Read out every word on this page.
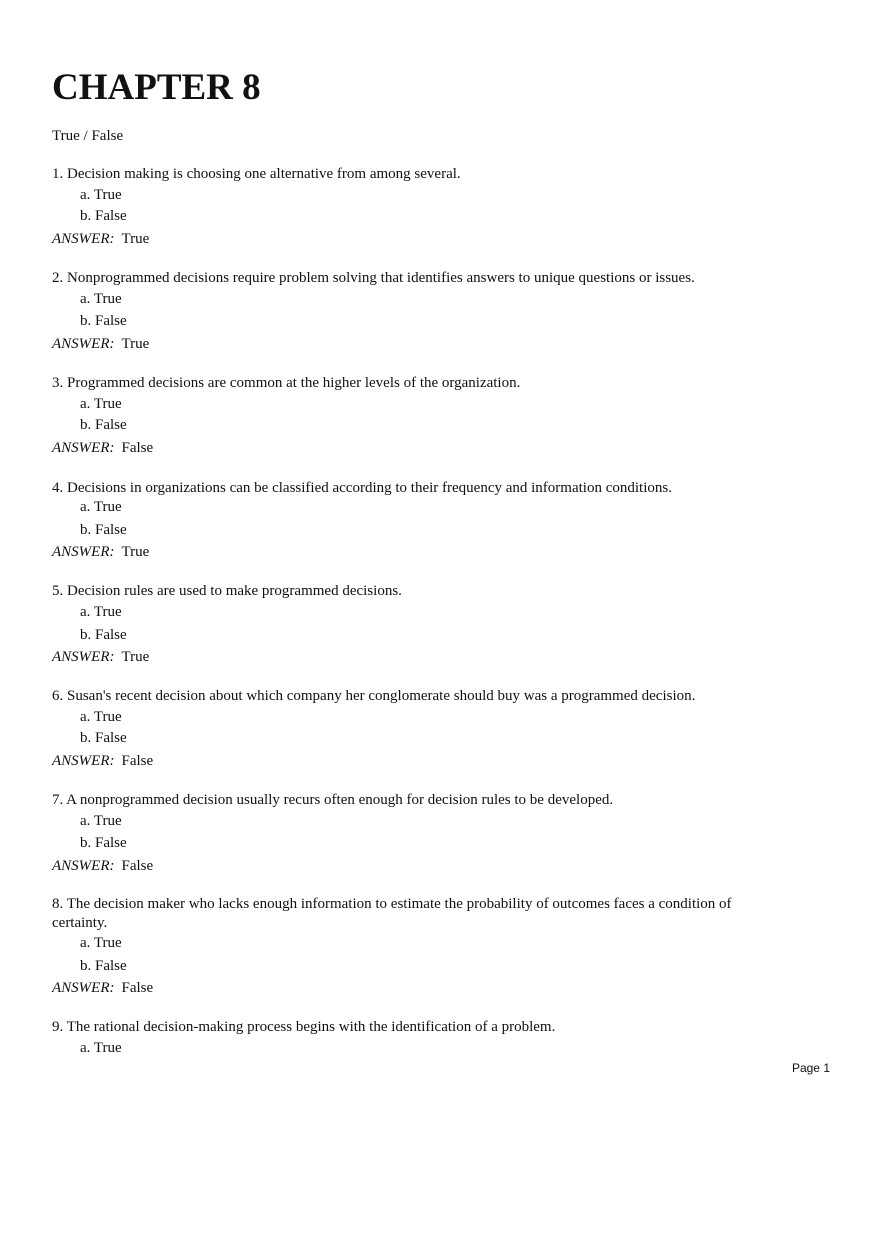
CHAPTER 8
True / False
1. Decision making is choosing one alternative from among several.
a. True
b. False
ANSWER: True
2. Nonprogrammed decisions require problem solving that identifies answers to unique questions or issues.
a. True
b. False
ANSWER: True
3. Programmed decisions are common at the higher levels of the organization.
a. True
b. False
ANSWER: False
4. Decisions in organizations can be classified according to their frequency and information conditions.
a. True
b. False
ANSWER: True
5. Decision rules are used to make programmed decisions.
a. True
b. False
ANSWER: True
6. Susan's recent decision about which company her conglomerate should buy was a programmed decision.
a. True
b. False
ANSWER: False
7. A nonprogrammed decision usually recurs often enough for decision rules to be developed.
a. True
b. False
ANSWER: False
8. The decision maker who lacks enough information to estimate the probability of outcomes faces a condition of certainty.
a. True
b. False
ANSWER: False
9. The rational decision-making process begins with the identification of a problem.
a. True
Page 1
